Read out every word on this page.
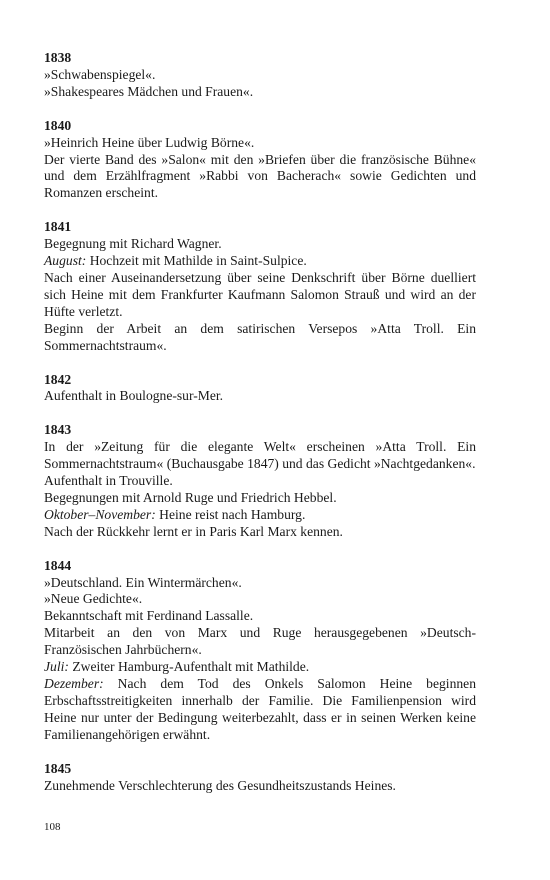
1838
»Schwabenspiegel«.
»Shakespeares Mädchen und Frauen«.
1840
»Heinrich Heine über Ludwig Börne«.
Der vierte Band des »Salon« mit den »Briefen über die französische Bühne« und dem Erzählfragment »Rabbi von Bacherach« sowie Gedichten und Romanzen erscheint.
1841
Begegnung mit Richard Wagner.
August: Hochzeit mit Mathilde in Saint-Sulpice.
Nach einer Auseinandersetzung über seine Denkschrift über Börne duelliert sich Heine mit dem Frankfurter Kaufmann Salomon Strauß und wird an der Hüfte verletzt.
Beginn der Arbeit an dem satirischen Versepos »Atta Troll. Ein Sommernachtstraum«.
1842
Aufenthalt in Boulogne-sur-Mer.
1843
In der »Zeitung für die elegante Welt« erscheinen »Atta Troll. Ein Sommernachtstraum« (Buchausgabe 1847) und das Gedicht »Nachtgedanken«.
Aufenthalt in Trouville.
Begegnungen mit Arnold Ruge und Friedrich Hebbel.
Oktober–November: Heine reist nach Hamburg.
Nach der Rückkehr lernt er in Paris Karl Marx kennen.
1844
»Deutschland. Ein Wintermärchen«.
»Neue Gedichte«.
Bekanntschaft mit Ferdinand Lassalle.
Mitarbeit an den von Marx und Ruge herausgegebenen »Deutsch-Französischen Jahrbüchern«.
Juli: Zweiter Hamburg-Aufenthalt mit Mathilde.
Dezember: Nach dem Tod des Onkels Salomon Heine beginnen Erbschaftsstreitigkeiten innerhalb der Familie. Die Familienpension wird Heine nur unter der Bedingung weiterbezahlt, dass er in seinen Werken keine Familienangehörigen erwähnt.
1845
Zunehmende Verschlechterung des Gesundheitszustands Heines.
108
